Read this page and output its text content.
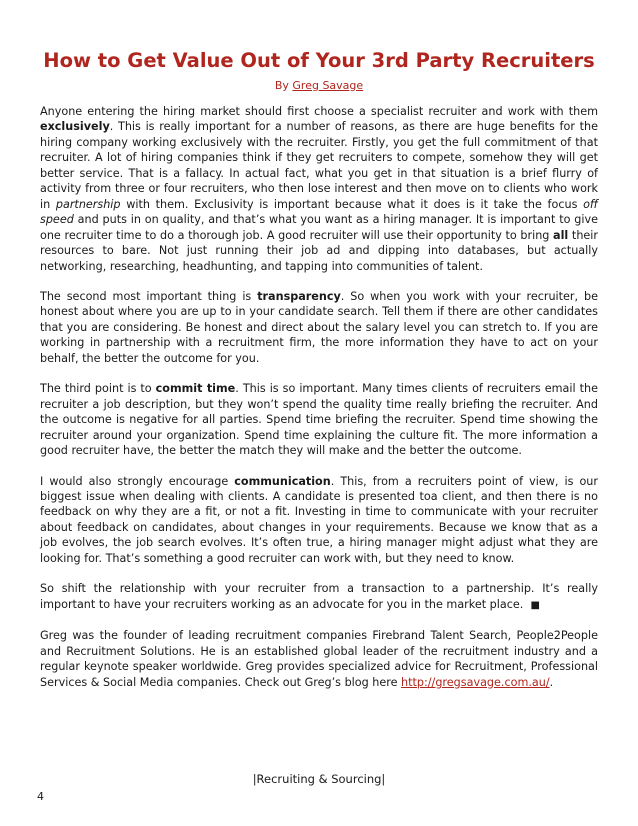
How to Get Value Out of Your 3rd Party Recruiters
By Greg Savage

Anyone entering the hiring market should first choose a specialist recruiter and work with them exclusively. This is really important for a number of reasons, as there are huge benefits for the hiring company working exclusively with the recruiter. Firstly, you get the full commitment of that recruiter. A lot of hiring companies think if they get recruiters to compete, somehow they will get better service. That is a fallacy. In actual fact, what you get in that situation is a brief flurry of activity from three or four recruiters, who then lose interest and then move on to clients who work in partnership with them. Exclusivity is important because what it does is it take the focus off speed and puts in on quality, and that’s what you want as a hiring manager. It is important to give one recruiter time to do a thorough job. A good recruiter will use their opportunity to bring all their resources to bare. Not just running their job ad and dipping into databases, but actually networking, researching, headhunting, and tapping into communities of talent.

The second most important thing is transparency. So when you work with your recruiter, be honest about where you are up to in your candidate search. Tell them if there are other candidates that you are considering. Be honest and direct about the salary level you can stretch to. If you are working in partnership with a recruitment firm, the more information they have to act on your behalf, the better the outcome for you.

The third point is to commit time. This is so important. Many times clients of recruiters email the recruiter a job description, but they won’t spend the quality time really briefing the recruiter. And the outcome is negative for all parties. Spend time briefing the recruiter. Spend time showing the recruiter around your organization. Spend time explaining the culture fit. The more information a good recruiter have, the better the match they will make and the better the outcome.

I would also strongly encourage communication. This, from a recruiters point of view, is our biggest issue when dealing with clients. A candidate is presented toa client, and then there is no feedback on why they are a fit, or not a fit. Investing in time to communicate with your recruiter about feedback on candidates, about changes in your requirements. Because we know that as a job evolves, the job search evolves. It’s often true, a hiring manager might adjust what they are looking for. That’s something a good recruiter can work with, but they need to know.

So shift the relationship with your recruiter from a transaction to a partnership. It’s really important to have your recruiters working as an advocate for you in the market place. ■

Greg was the founder of leading recruitment companies Firebrand Talent Search, People2People and Recruitment Solutions. He is an established global leader of the recruitment industry and a regular keynote speaker worldwide. Greg provides specialized advice for Recruitment, Professional Services & Social Media companies. Check out Greg’s blog here http://gregsavage.com.au/.

|Recruiting & Sourcing|
4
